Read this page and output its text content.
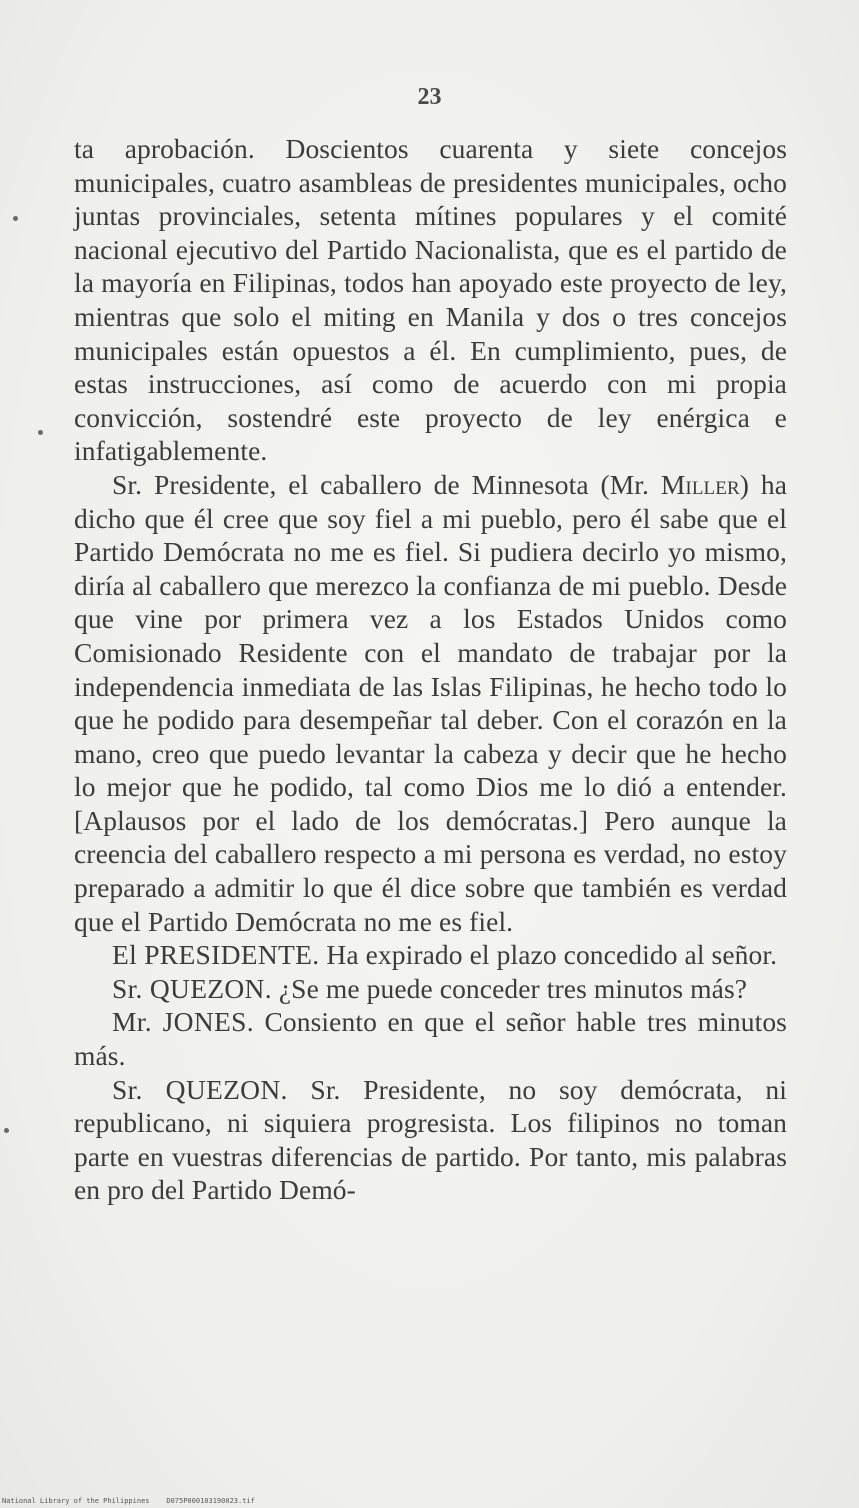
23

ta aprobación. Doscientos cuarenta y siete concejos municipales, cuatro asambleas de presidentes municipales, ocho juntas provinciales, setenta mítines populares y el comité nacional ejecutivo del Partido Nacionalista, que es el partido de la mayoría en Filipinas, todos han apoyado este proyecto de ley, mientras que solo el miting en Manila y dos o tres concejos municipales están opuestos a él. En cumplimiento, pues, de estas instrucciones, así como de acuerdo con mi propia convicción, sostendré este proyecto de ley enérgica e infatigablemente.

Sr. Presidente, el caballero de Minnesota (Mr. Miller) ha dicho que él cree que soy fiel a mi pueblo, pero él sabe que el Partido Demócrata no me es fiel. Si pudiera decirlo yo mismo, diría al caballero que merezco la confianza de mi pueblo. Desde que vine por primera vez a los Estados Unidos como Comisionado Residente con el mandato de trabajar por la independencia inmediata de las Islas Filipinas, he hecho todo lo que he podido para desempeñar tal deber. Con el corazón en la mano, creo que puedo levantar la cabeza y decir que he hecho lo mejor que he podido, tal como Dios me lo dió a entender. [Aplausos por el lado de los demócratas.] Pero aunque la creencia del caballero respecto a mi persona es verdad, no estoy preparado a admitir lo que él dice sobre que también es verdad que el Partido Demócrata no me es fiel.

El PRESIDENTE. Ha expirado el plazo concedido al señor.

Sr. QUEZON. ¿Se me puede conceder tres minutos más?

Mr. JONES. Consiento en que el señor hable tres minutos más.

Sr. QUEZON. Sr. Presidente, no soy demócrata, ni republicano, ni siquiera progresista. Los filipinos no toman parte en vuestras diferencias de partido. Por tanto, mis palabras en pro del Partido Demó-

National Library of the Philippines    D075P000103190023.tif
